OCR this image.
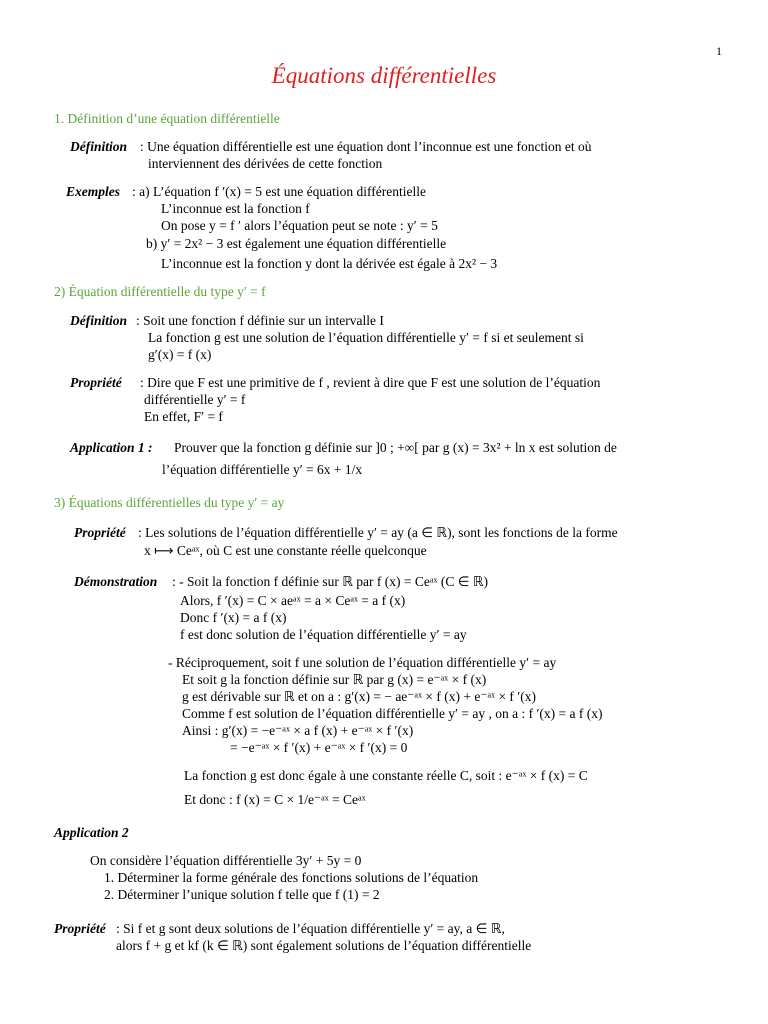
1
Équations différentielles
1. Définition d’une équation différentielle
Définition : Une équation différentielle est une équation dont l’inconnue est une fonction et où
interviennent des dérivées de cette fonction
Exemples : a) L’équation f ′(x) = 5 est une équation différentielle
L’inconnue est la fonction f
On pose y = f ′ alors l’équation peut se note : y′ = 5
b) y′ = 2x² − 3 est également une équation différentielle
L’inconnue est la fonction y dont la dérivée est égale à 2x² − 3
2) Équation différentielle du type y′ = f
Définition : Soit une fonction f définie sur un intervalle I
La fonction g est une solution de l’équation différentielle y′ = f si et seulement si
g′(x) = f (x)
Propriété : Dire que F est une primitive de f , revient à dire que F est une solution de l’équation
différentielle y′ = f
En effet, F′ = f
Application 1 : Prouver que la fonction g définie sur ]0 ; +∞[ par g (x) = 3x² + ln x est solution de
l’équation différentielle y′ = 6x + 1/x
3) Équations différentielles du type y′ = ay
Propriété : Les solutions de l’équation différentielle y′ = ay (a ∈ ℝ), sont les fonctions de la forme
x ⟼ Ceᵃˣ, où C est une constante réelle quelconque
Démonstration : - Soit la fonction f définie sur ℝ par f (x) = Ceᵃˣ (C ∈ ℝ)
Alors, f ′(x) = C × aeᵃˣ = a × Ceᵃˣ = a f (x)
Donc f ′(x) = a f (x)
f est donc solution de l’équation différentielle y′ = ay
- Réciproquement, soit f une solution de l’équation différentielle y′ = ay
Et soit g la fonction définie sur ℝ par g (x) = e⁻ᵃˣ × f (x)
g est dérivable sur ℝ et on a : g′(x) = − ae⁻ᵃˣ × f (x) + e⁻ᵃˣ × f ′(x)
Comme f est solution de l’équation différentielle y′ = ay , on a : f ′(x) = a f (x)
Ainsi : g′(x) = −e⁻ᵃˣ × a f (x) + e⁻ᵃˣ × f ′(x)
= −e⁻ᵃˣ × f ′(x) + e⁻ᵃˣ × f ′(x) = 0
La fonction g est donc égale à une constante réelle C, soit : e⁻ᵃˣ × f (x) = C
Et donc : f (x) = C × 1/e⁻ᵃˣ = Ceᵃˣ
Application 2
On considère l’équation différentielle 3y′ + 5y = 0
1. Déterminer la forme générale des fonctions solutions de l’équation
2. Déterminer l’unique solution f telle que f (1) = 2
Propriété : Si f et g sont deux solutions de l’équation différentielle y′ = ay, a ∈ ℝ,
alors f + g et kf (k ∈ ℝ) sont également solutions de l’équation différentielle
